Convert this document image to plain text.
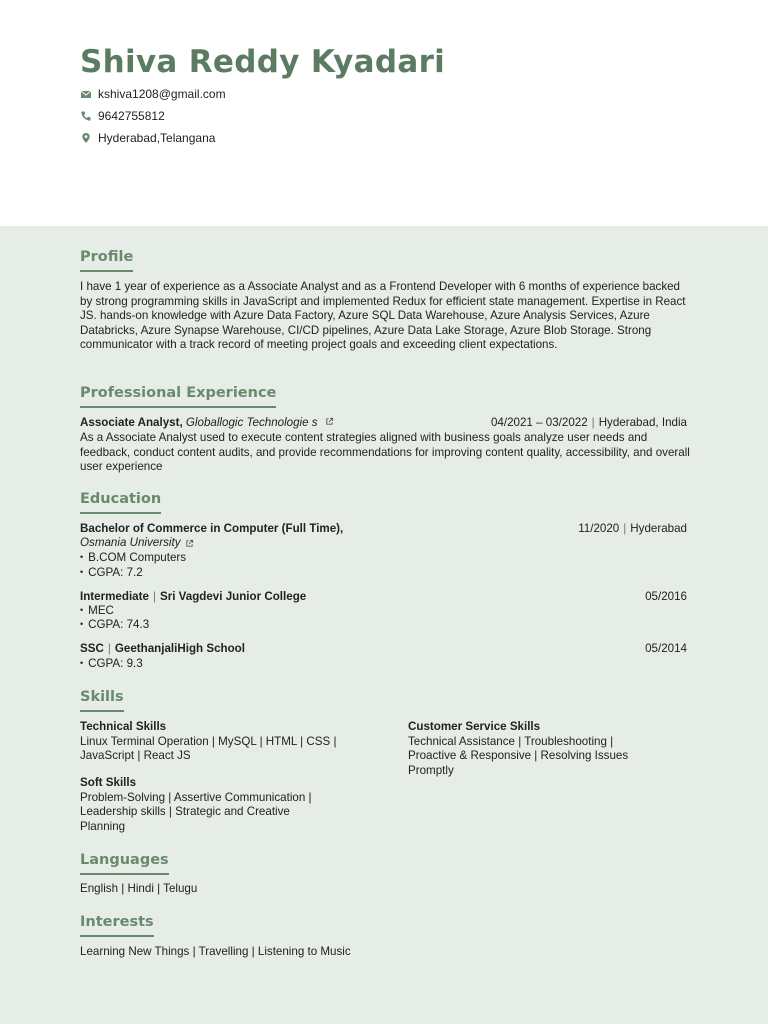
Shiva Reddy Kyadari
kshiva1208@gmail.com
9642755812
Hyderabad,Telangana
Profile
I have 1 year of experience as a Associate Analyst and as a Frontend Developer with 6 months of experience backed by strong programming skills in JavaScript and implemented Redux for efficient state management. Expertise in React JS. hands-on knowledge with Azure Data Factory, Azure SQL Data Warehouse, Azure Analysis Services, Azure Databricks, Azure Synapse Warehouse, CI/CD pipelines, Azure Data Lake Storage, Azure Blob Storage. Strong communicator with a track record of meeting project goals and exceeding client expectations.
Professional Experience
Associate Analyst, Globallogic Technologie s	04/2021 – 03/2022 | Hyderabad, India
As a Associate Analyst used to execute content strategies aligned with business goals analyze user needs and feedback, conduct content audits, and provide recommendations for improving content quality, accessibility, and overall user experience
Education
Bachelor of Commerce in Computer (Full Time),	11/2020 | Hyderabad
Osmania University
• B.COM Computers
• CGPA: 7.2
Intermediate | Sri Vagdevi Junior College	05/2016
• MEC
• CGPA: 74.3
SSC | GeethanjaliHigh School	05/2014
• CGPA: 9.3
Skills
Technical Skills
Linux Terminal Operation | MySQL | HTML | CSS |
JavaScript | React JS
Customer Service Skills
Technical Assistance | Troubleshooting |
Proactive & Responsive | Resolving Issues
Promptly
Soft Skills
Problem-Solving | Assertive Communication |
Leadership skills | Strategic and Creative
Planning
Languages
English | Hindi | Telugu
Interests
Learning New Things | Travelling | Listening to Music
